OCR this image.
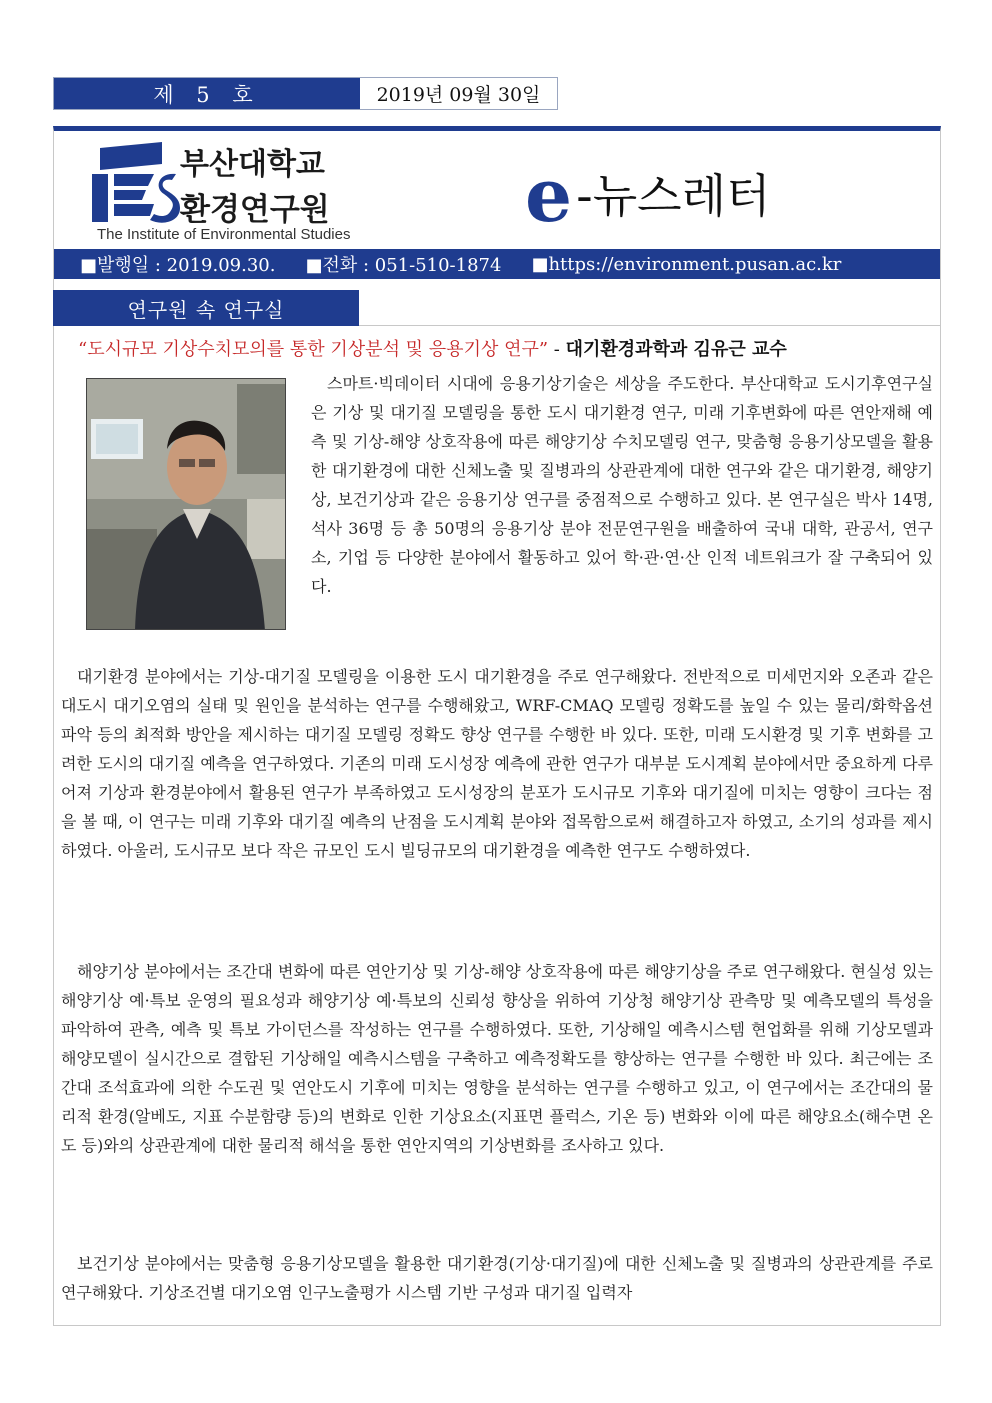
제 5 호	2019년 09월 30일
부산대학교
환경연구원
The Institute of Environmental Studies e -뉴스레터
■발행일 : 2019.09.30. ■전화 : 051-510-1874 ■https://environment.pusan.ac.kr
연구원 속 연구실
“도시규모 기상수치모의를 통한 기상분석 및 응용기상 연구” - 대기환경과학과 김유근 교수
스마트·빅데이터 시대에 응용기상기술은 세상을 주도한다. 부산대학교 도시기후연구실은 기상 및 대기질 모델링을 통한 도시 대기환경 연구, 미래 기후변화에 따른 연안재해 예측 및 기상-해양 상호작용에 따른 해양기상 수치모델링 연구, 맞춤형 응용기상모델을 활용한 대기환경에 대한 신체노출 및 질병과의 상관관계에 대한 연구와 같은 대기환경, 해양기상, 보건기상과 같은 응용기상 연구를 중점적으로 수행하고 있다. 본 연구실은 박사 14명, 석사 36명 등 총 50명의 응용기상 분야 전문연구원을 배출하여 국내 대학, 관공서, 연구소, 기업 등 다양한 분야에서 활동하고 있어 학·관·연·산 인적 네트워크가 잘 구축되어 있다.
대기환경 분야에서는 기상-대기질 모델링을 이용한 도시 대기환경을 주로 연구해왔다. 전반적으로 미세먼지와 오존과 같은 대도시 대기오염의 실태 및 원인을 분석하는 연구를 수행해왔고, WRF-CMAQ 모델링 정확도를 높일 수 있는 물리/화학옵션 파악 등의 최적화 방안을 제시하는 대기질 모델링 정확도 향상 연구를 수행한 바 있다. 또한, 미래 도시환경 및 기후 변화를 고려한 도시의 대기질 예측을 연구하였다. 기존의 미래 도시성장 예측에 관한 연구가 대부분 도시계획 분야에서만 중요하게 다루어져 기상과 환경분야에서 활용된 연구가 부족하였고 도시성장의 분포가 도시규모 기후와 대기질에 미치는 영향이 크다는 점을 볼 때, 이 연구는 미래 기후와 대기질 예측의 난점을 도시계획 분야와 접목함으로써 해결하고자 하였고, 소기의 성과를 제시하였다. 아울러, 도시규모 보다 작은 규모인 도시 빌딩규모의 대기환경을 예측한 연구도 수행하였다.
해양기상 분야에서는 조간대 변화에 따른 연안기상 및 기상-해양 상호작용에 따른 해양기상을 주로 연구해왔다. 현실성 있는 해양기상 예·특보 운영의 필요성과 해양기상 예·특보의 신뢰성 향상을 위하여 기상청 해양기상 관측망 및 예측모델의 특성을 파악하여 관측, 예측 및 특보 가이던스를 작성하는 연구를 수행하였다. 또한, 기상해일 예측시스템 현업화를 위해 기상모델과 해양모델이 실시간으로 결합된 기상해일 예측시스템을 구축하고 예측정확도를 향상하는 연구를 수행한 바 있다. 최근에는 조간대 조석효과에 의한 수도권 및 연안도시 기후에 미치는 영향을 분석하는 연구를 수행하고 있고, 이 연구에서는 조간대의 물리적 환경(알베도, 지표 수분함량 등)의 변화로 인한 기상요소(지표면 플럭스, 기온 등) 변화와 이에 따른 해양요소(해수면 온도 등)와의 상관관계에 대한 물리적 해석을 통한 연안지역의 기상변화를 조사하고 있다.
보건기상 분야에서는 맞춤형 응용기상모델을 활용한 대기환경(기상·대기질)에 대한 신체노출 및 질병과의 상관관계를 주로 연구해왔다. 기상조건별 대기오염 인구노출평가 시스템 기반 구성과 대기질 입력자
